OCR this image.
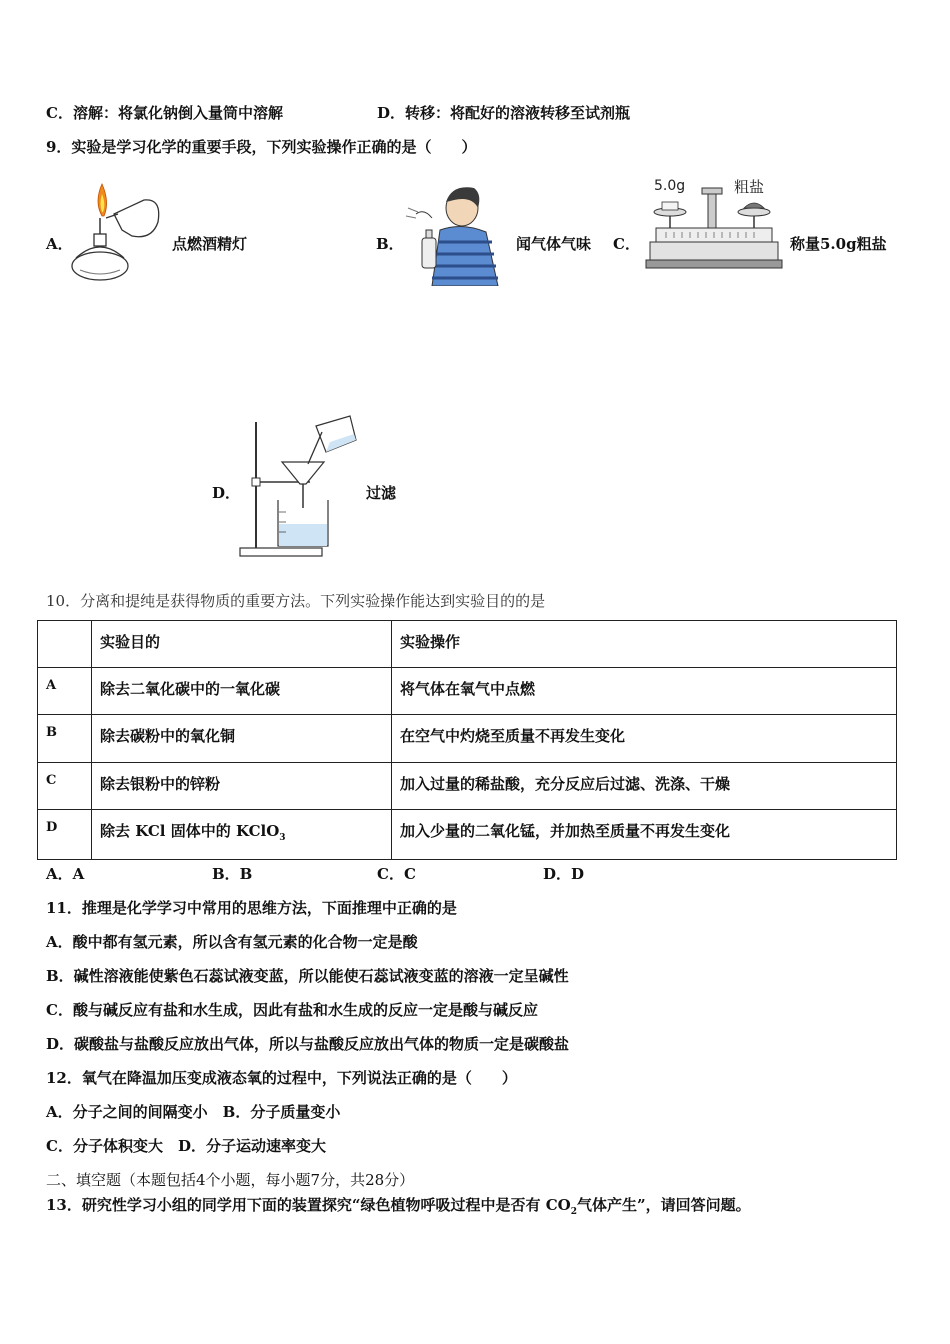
C．溶解：将氯化钠倒入量筒中溶解	D．转移：将配好的溶液转移至试剂瓶
9．实验是学习化学的重要手段，下列实验操作正确的是（　　）
A．	点燃酒精灯	B．	闻气体气味 C．
5.0g	粗盐
称量5.0g粗盐
D．	过滤
10．分离和提纯是获得物质的重要方法。下列实验操作能达到实验目的的是
	实验目的	实验操作
A	除去二氧化碳中的一氧化碳	将气体在氧气中点燃
B	除去碳粉中的氧化铜	在空气中灼烧至质量不再发生变化
C	除去银粉中的锌粉	加入过量的稀盐酸，充分反应后过滤、洗涤、干燥
D	除去 KCl 固体中的 KClO$_3$	加入少量的二氧化锰，并加热至质量不再发生变化
A．A	B．B	C．C	D．D
11．推理是化学学习中常用的思维方法，下面推理中正确的是
A．酸中都有氢元素，所以含有氢元素的化合物一定是酸
B．碱性溶液能使紫色石蕊试液变蓝，所以能使石蕊试液变蓝的溶液一定呈碱性
C．酸与碱反应有盐和水生成，因此有盐和水生成的反应一定是酸与碱反应
D．碳酸盐与盐酸反应放出气体，所以与盐酸反应放出气体的物质一定是碳酸盐
12．氧气在降温加压变成液态氧的过程中，下列说法正确的是（　　）
A．分子之间的间隔变小　B．分子质量变小
C．分子体积变大　D．分子运动速率变大
二、填空题（本题包括4个小题，每小题7分，共28分）
13．研究性学习小组的同学用下面的装置探究“绿色植物呼吸过程中是否有 $CO_2$气体产生”，请回答问题。
